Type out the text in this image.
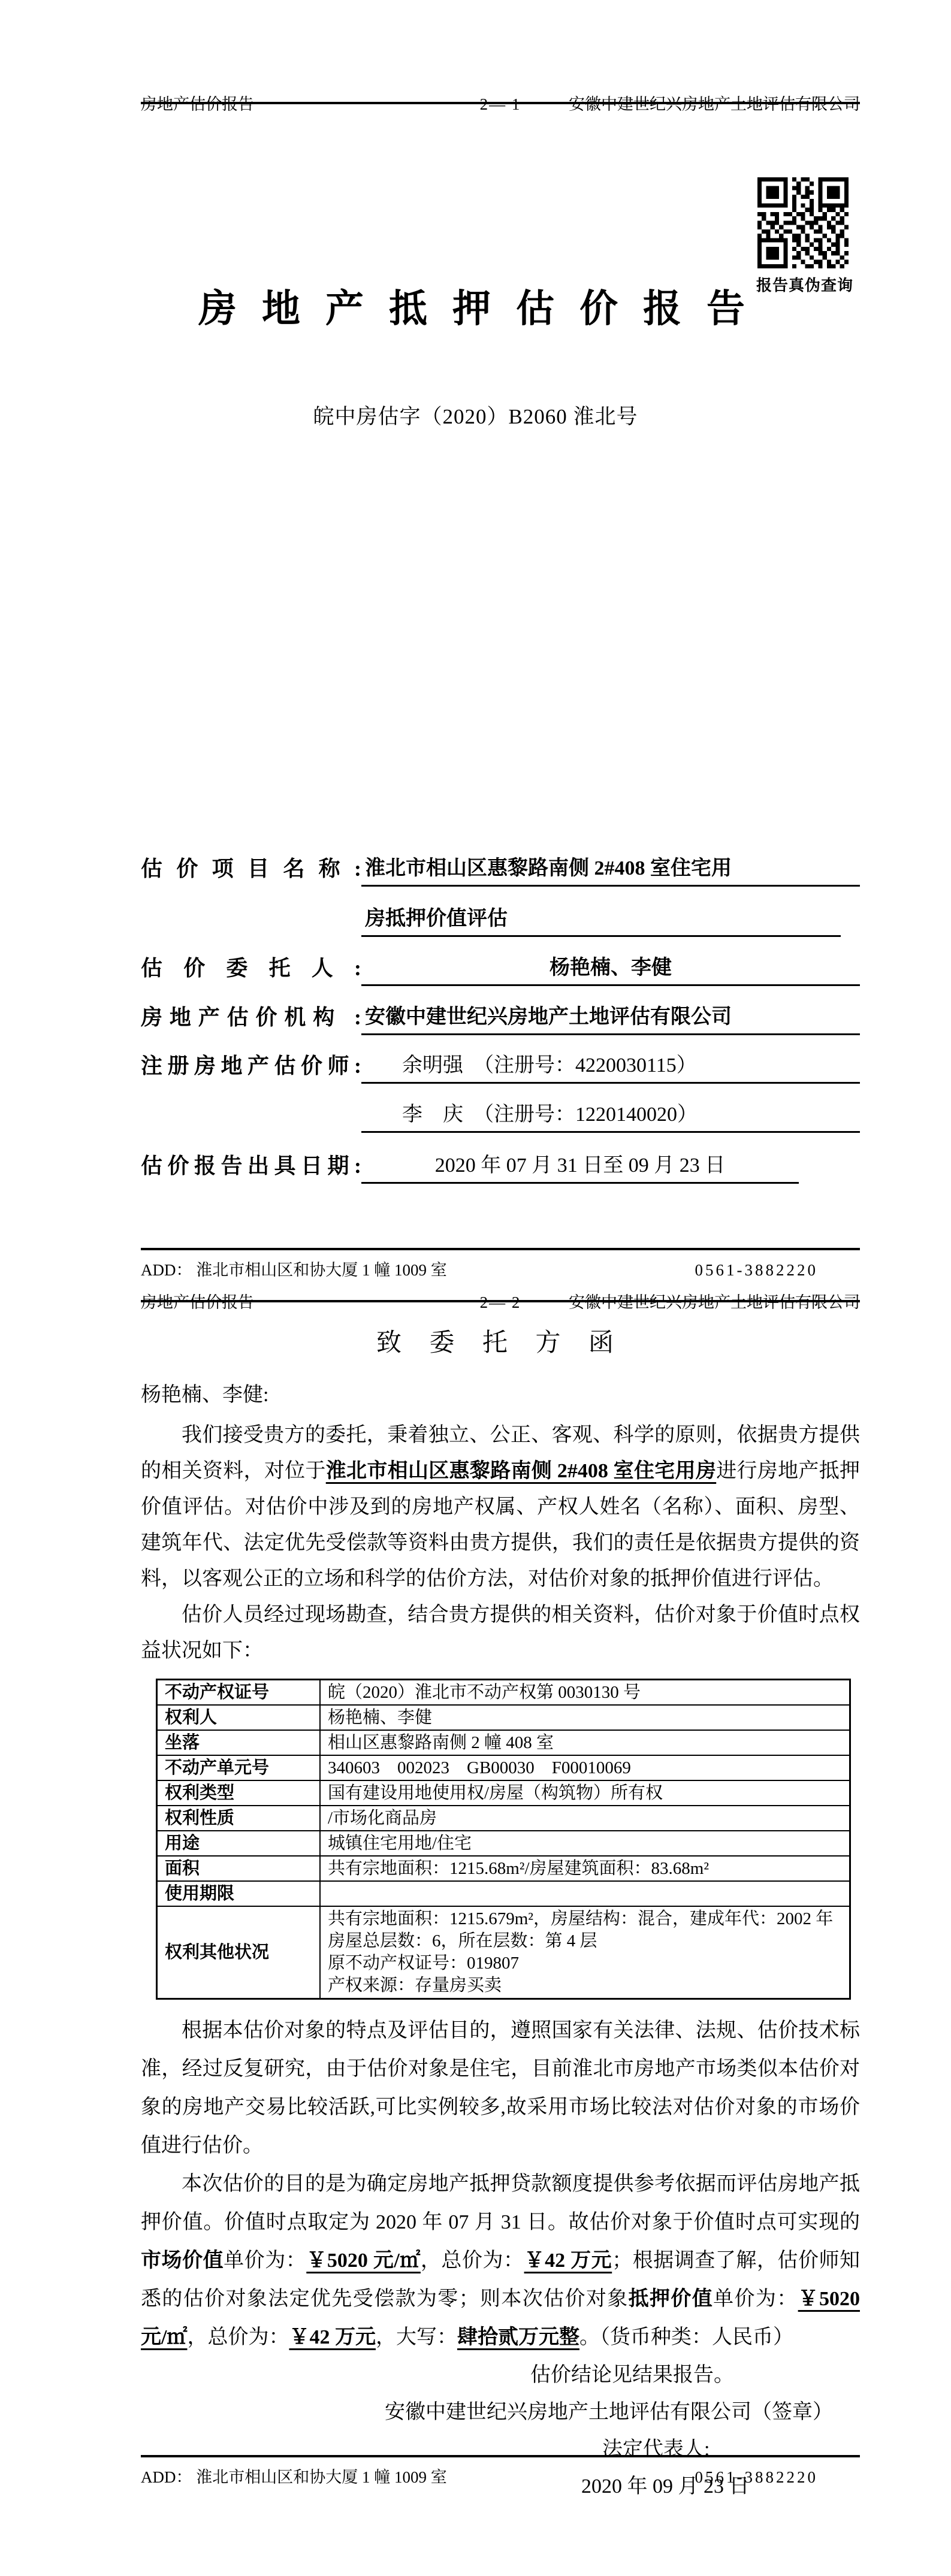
房地产估价报告	2— 1	安徽中建世纪兴房地产土地评估有限公司
报告真伪查询
房 地 产 抵 押 估 价 报 告
皖中房估字（2020）B2060 淮北号
估 价 项 目 名 称 : 淮北市相山区惠黎路南侧 2#408 室住宅用
房抵押价值评估
估 价 委 托 人 :	杨艳楠、李健
房地产估价机构 : 安徽中建世纪兴房地产土地评估有限公司
注册房地产估价师:	余明强　（注册号：4220030115）
李　庆　（注册号：1220140020）
估价报告出具日期:	2020 年 07 月 31 日至 09 月 23 日
ADD： 淮北市相山区和协大厦 1 幢 1009 室	0561-3882220
房地产估价报告	2— 2	安徽中建世纪兴房地产土地评估有限公司
致 委 托 方 函
杨艳楠、李健:

我们接受贵方的委托，秉着独立、公正、客观、科学的原则，依据贵方提供的相关资料，对位于淮北市相山区惠黎路南侧 2#408 室住宅用房进行房地产抵押价值评估。对估价中涉及到的房地产权属、产权人姓名（名称）、面积、房型、建筑年代、法定优先受偿款等资料由贵方提供，我们的责任是依据贵方提供的资料，以客观公正的立场和科学的估价方法，对估价对象的抵押价值进行评估。

估价人员经过现场勘查，结合贵方提供的相关资料，估价对象于价值时点权益状况如下：

不动产权证号	皖（2020）淮北市不动产权第 0030130 号
权利人	杨艳楠、李健
坐落	相山区惠黎路南侧 2 幢 408 室
不动产单元号	340603　002023　GB00030　F00010069
权利类型	国有建设用地使用权/房屋（构筑物）所有权
权利性质	/市场化商品房
用途	城镇住宅用地/住宅
面积	共有宗地面积：1215.68m²/房屋建筑面积：83.68m²
使用期限	
权利其他状况	共有宗地面积：1215.679m²，房屋结构：混合，建成年代：2002 年
房屋总层数：6，所在层数：第 4 层
原不动产权证号：019807
产权来源：存量房买卖

根据本估价对象的特点及评估目的，遵照国家有关法律、法规、估价技术标准，经过反复研究，由于估价对象是住宅，目前淮北市房地产市场类似本估价对象的房地产交易比较活跃,可比实例较多,故采用市场比较法对估价对象的市场价值进行估价。

本次估价的目的是为确定房地产抵押贷款额度提供参考依据而评估房地产抵押价值。价值时点取定为 2020 年 07 月 31 日。故估价对象于价值时点可实现的市场价值单价为：￥5020 元/㎡，总价为：￥42 万元；根据调查了解，估价师知悉的估价对象法定优先受偿款为零；则本次估价对象抵押价值单价为：￥5020 元/㎡，总价为：￥42 万元，大写：肆拾贰万元整。（货币种类：人民币）

估价结论见结果报告。
安徽中建世纪兴房地产土地评估有限公司（签章）
法定代表人:
2020 年 09 月 23 日
ADD： 淮北市相山区和协大厦 1 幢 1009 室	0561-3882220
